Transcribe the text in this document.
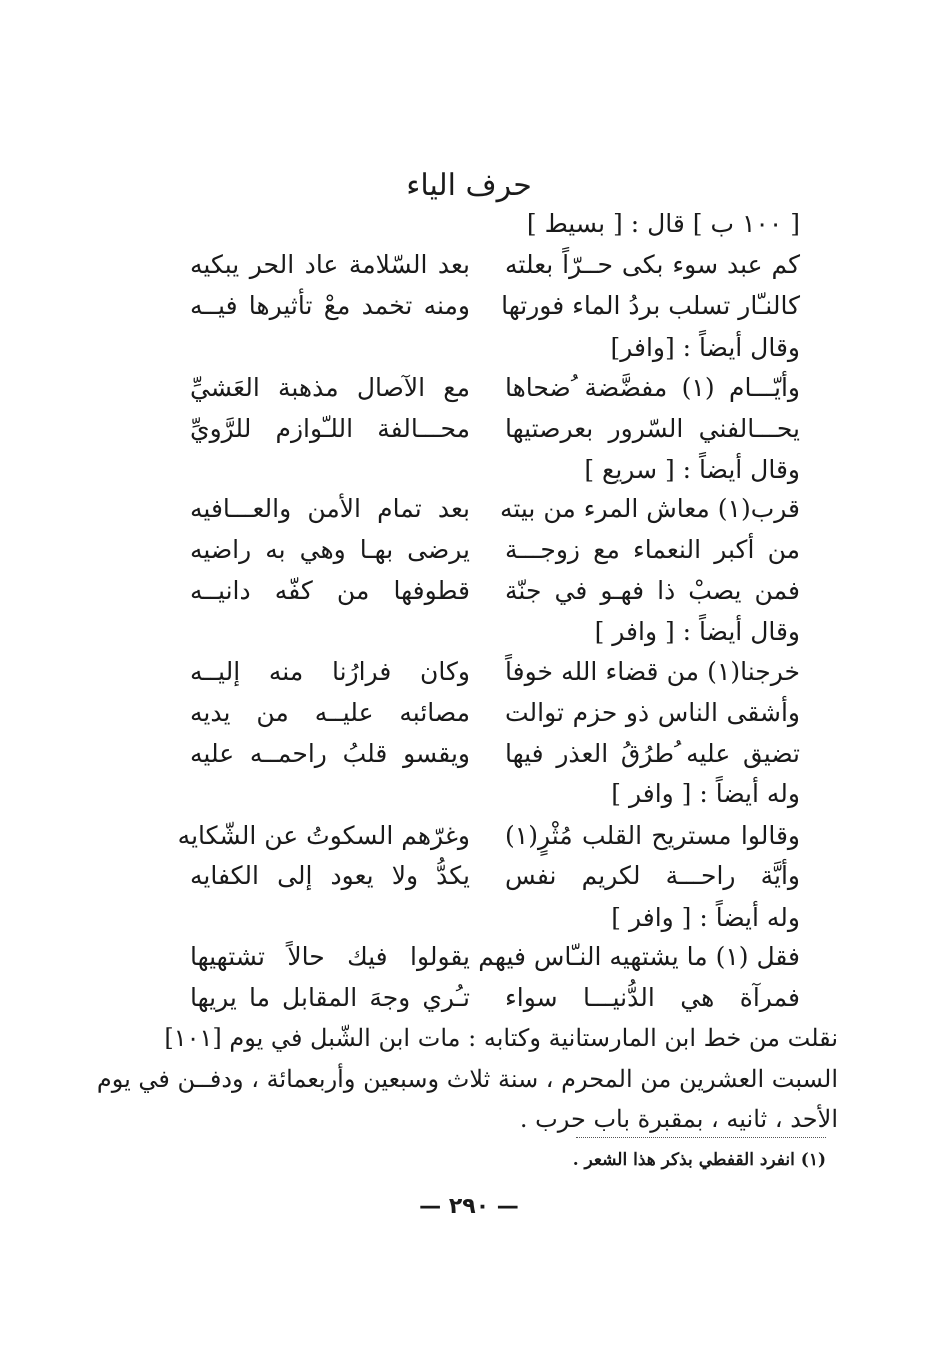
حرف الياء
[ ١٠٠ ب ] قال : [ بسيط ]
كم عبد سوء بكى حــرّاً بعلته
بعد السّلامة عاد الحر يبكيه
كالنـّار تسلب بردُ الماء فورتها
ومنه تخمد معْ تأثيرها فيــه
وقال أيضاً : [وافر]
وأيّـــام (١) مفضَّضة ُضحاها
مع الآصال مذهبة العَشيِّ
يحـــالفني السّرور بعرصتيها
محـــالفة اللـّوازم للرَّويِّ
وقال أيضاً : [ سريع ]
قرب(١) معاش المرء من بيته
بعد تمام الأمن والعـــافيه
من أكبر النعماء مع زوجـــة
يرضى بهـا وهي به راضيه
فمن يصبْ ذا فهـو في جنّة
قطوفها من كفّه دانيــه
وقال أيضاً : [ وافر ]
خرجنا(١) من قضاء الله خوفاً
وكان فرارُنا منه إليــه
وأشقى الناس ذو حزم توالت
مصائبه عليــه من يديه
تضيق عليه ُطرُقُ العذر فيها
ويقسو قلبُ راحمــه عليه
وله أيضاً : [ وافر ]
وقالوا مستريح القلب مُثْرٍ(١)
وغرّهم السكوتُ عن الشّكايه
وأيَّة راحـــة لكريم نفس
يكدُّ ولا يعود إلى الكفايه
وله أيضاً : [ وافر ]
فقل (١) ما يشتهيه النـّاس فيهم
يقولوا فيك حالاً تشتهيها
فمرآة هي الدُّنيـــا سواء
تـُري وجهَ المقابل ما يريها
نقلت من خط ابن المارستانية وكتابه : مات ابن الشّبل في يوم [١٠١]
السبت العشرين من المحرم ، سنة ثلاث وسبعين وأربعمائة ، ودفــن في يوم
الأحد ، ثانيه ، بمقبرة باب حرب .
(١) انفرد القفطي بذكر هذا الشعر .
— ٢٩٠ —
